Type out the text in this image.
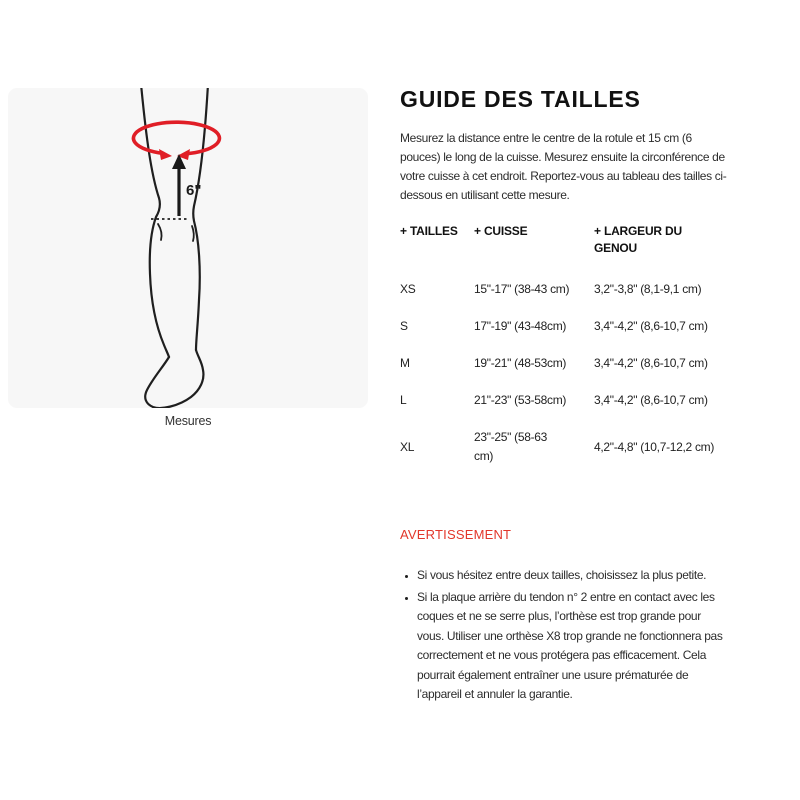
6"
Mesures
GUIDE DES TAILLES

Mesurez la distance entre le centre de la rotule et 15 cm (6 pouces) le long de la cuisse. Mesurez ensuite la circonférence de votre cuisse à cet endroit. Reportez-vous au tableau des tailles ci-dessous en utilisant cette mesure.

+ TAILLES	+ CUISSE	+ LARGEUR DU GENOU
XS	15"-17" (38-43 cm)	3,2"-3,8" (8,1-9,1 cm)
S	17"-19" (43-48cm)	3,4"-4,2" (8,6-10,7 cm)
M	19"-21" (48-53cm)	3,4"-4,2" (8,6-10,7 cm)
L	21"-23" (53-58cm)	3,4"-4,2" (8,6-10,7 cm)
XL	23"-25" (58-63 cm)	4,2"-4,8" (10,7-12,2 cm)
AVERTISSEMENT
• Si vous hésitez entre deux tailles, choisissez la plus petite.
• Si la plaque arrière du tendon n° 2 entre en contact avec les coques et ne se serre plus, l’orthèse est trop grande pour vous. Utiliser une orthèse X8 trop grande ne fonctionnera pas correctement et ne vous protégera pas efficacement. Cela pourrait également entraîner une usure prématurée de l’appareil et annuler la garantie.
